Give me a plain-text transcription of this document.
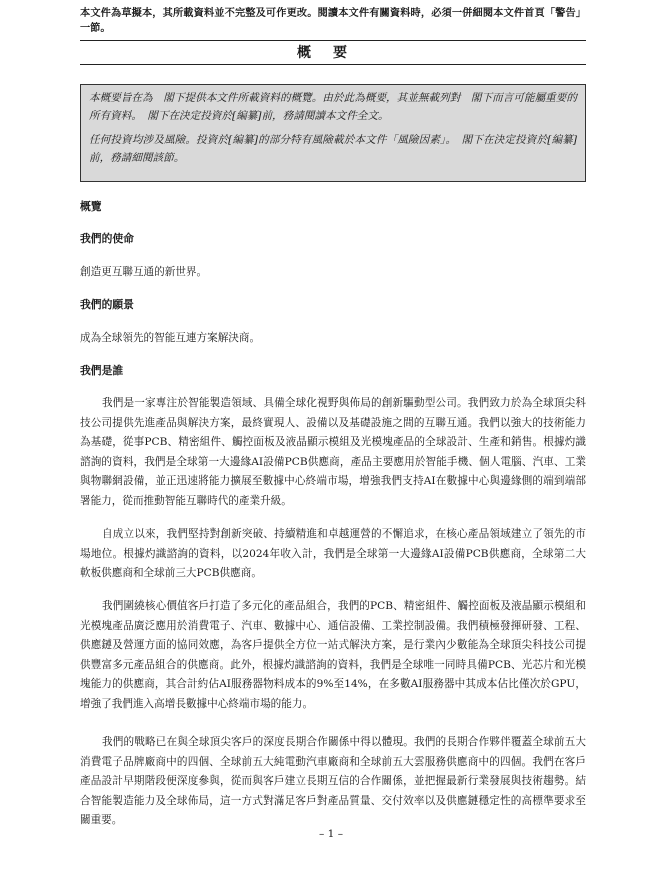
本文件為草擬本，其所載資料並不完整及可作更改。閱讀本文件有關資料時，必須一併細閱本文件首頁「警告」一節。
概要

本概要旨在為　閣下提供本文件所載資料的概覽。由於此為概要，其並無載列對　閣下而言可能屬重要的所有資料。　閣下在決定投資於[編纂]前，務請閱讀本文件全文。

任何投資均涉及風險。投資於[編纂]的部分特有風險載於本文件「風險因素」。　閣下在決定投資於[編纂]前，務請細閱該節。

概覽
我們的使命
創造更互聯互通的新世界。
我們的願景
成為全球領先的智能互連方案解決商。
我們是誰

我們是一家專注於智能製造領域、具備全球化視野與佈局的創新驅動型公司。我們致力於為全球頂尖科技公司提供先進產品與解決方案，最終實現人、設備以及基礎設施之間的互聯互通。我們以強大的技術能力為基礎，從事PCB、精密組件、觸控面板及液晶顯示模組及光模塊產品的全球設計、生產和銷售。根據灼識諮詢的資料，我們是全球第一大邊緣AI設備PCB供應商，產品主要應用於智能手機、個人電腦、汽車、工業與物聯網設備，並正迅速將能力擴展至數據中心終端市場，增強我們支持AI在數據中心與邊緣側的端到端部署能力，從而推動智能互聯時代的產業升級。

自成立以來，我們堅持對創新突破、持續精進和卓越運營的不懈追求，在核心產品領域建立了領先的市場地位。根據灼識諮詢的資料，以2024年收入計，我們是全球第一大邊緣AI設備PCB供應商，全球第二大軟板供應商和全球前三大PCB供應商。

我們圍繞核心價值客戶打造了多元化的產品組合，我們的PCB、精密組件、觸控面板及液晶顯示模組和光模塊產品廣泛應用於消費電子、汽車、數據中心、通信設備、工業控制設備。我們積極發揮研發、工程、供應鏈及營運方面的協同效應，為客戶提供全方位一站式解決方案，是行業內少數能為全球頂尖科技公司提供豐富多元產品組合的供應商。此外，根據灼識諮詢的資料，我們是全球唯一同時具備PCB、光芯片和光模塊能力的供應商，其合計約佔AI服務器物料成本的9%至14%，在多數AI服務器中其成本佔比僅次於GPU，增強了我們進入高增長數據中心終端市場的能力。

我們的戰略已在與全球頂尖客戶的深度長期合作關係中得以體現。我們的長期合作夥伴覆蓋全球前五大消費電子品牌廠商中的四個、全球前五大純電動汽車廠商和全球前五大雲服務供應商中的四個。我們在客戶產品設計早期階段便深度參與，從而與客戶建立長期互信的合作關係，並把握最新行業發展與技術趨勢。結合智能製造能力及全球佈局，這一方式對滿足客戶對產品質量、交付效率以及供應鏈穩定性的高標準要求至關重要。

– 1 –
